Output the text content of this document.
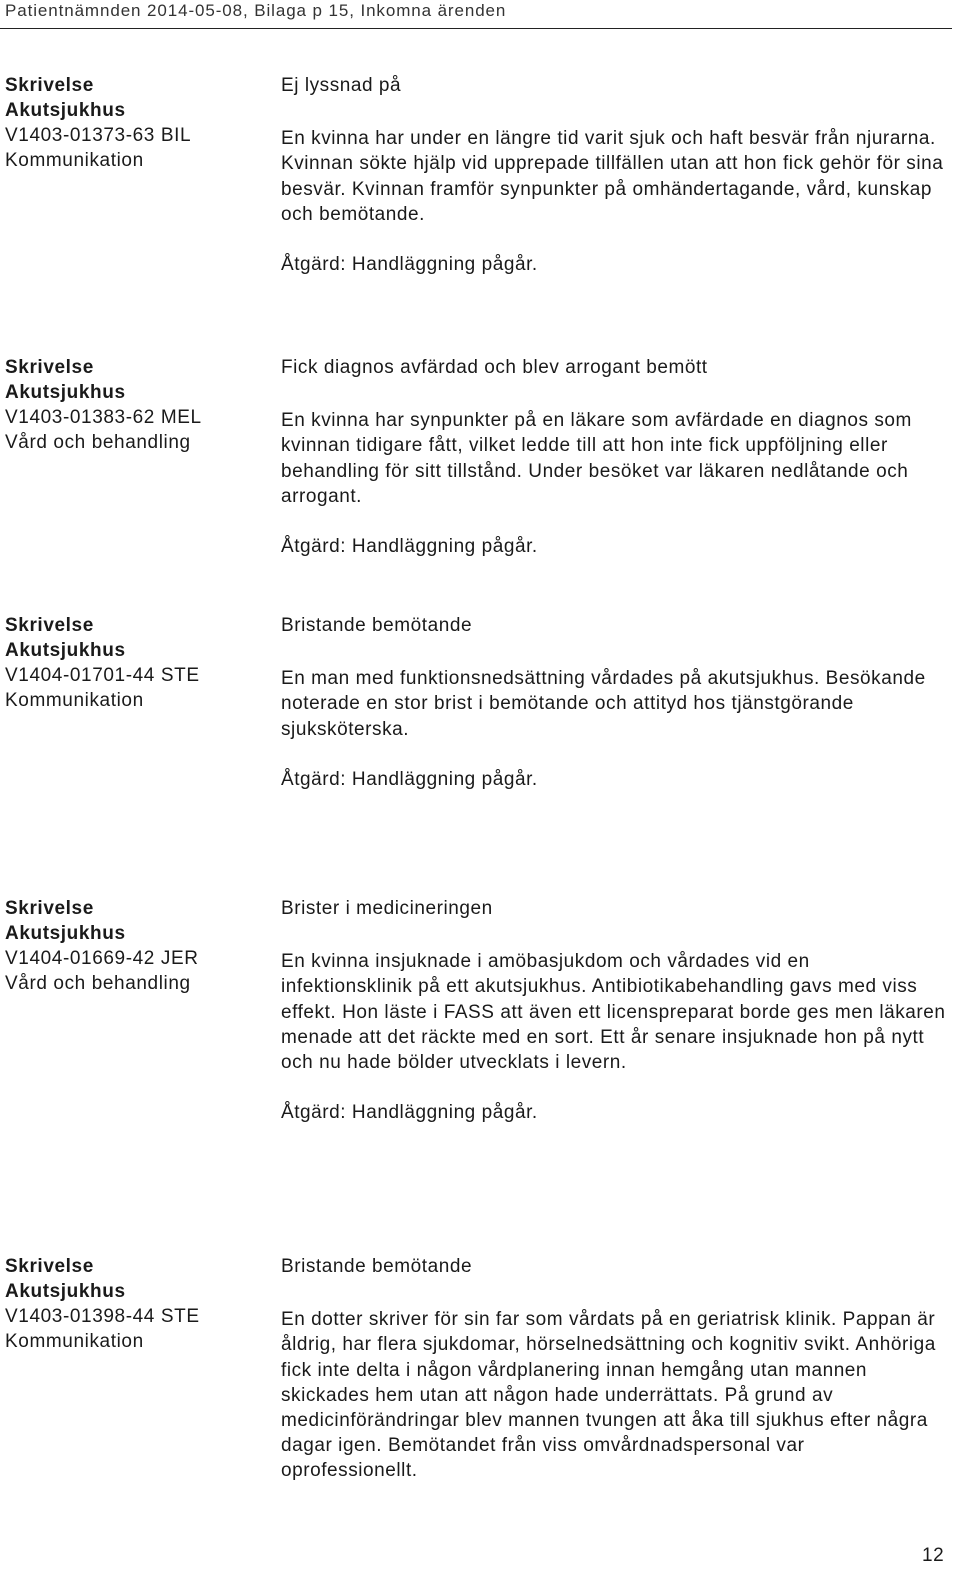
Patientnämnden 2014-05-08, Bilaga p 15, Inkomna ärenden
Skrivelse
Akutsjukhus
V1403-01373-63 BIL
Kommunikation
Ej lyssnad på
En kvinna har under en längre tid varit sjuk och haft besvär från njurarna. Kvinnan sökte hjälp vid upprepade tillfällen utan att hon fick gehör för sina besvär. Kvinnan framför synpunkter på omhändertagande, vård, kunskap och bemötande.
Åtgärd: Handläggning pågår.
Skrivelse
Akutsjukhus
V1403-01383-62 MEL
Vård och behandling
Fick diagnos avfärdad och blev arrogant bemött
En kvinna har synpunkter på en läkare som avfärdade en diagnos som kvinnan tidigare fått, vilket ledde till att hon inte fick uppföljning eller behandling för sitt tillstånd. Under besöket var läkaren nedlåtande och arrogant.
Åtgärd: Handläggning pågår.
Skrivelse
Akutsjukhus
V1404-01701-44 STE
Kommunikation
Bristande bemötande
En man med funktionsnedsättning vårdades på akutsjukhus. Besökande noterade en stor brist i bemötande och attityd hos tjänstgörande sjuksköterska.
Åtgärd: Handläggning pågår.
Skrivelse
Akutsjukhus
V1404-01669-42 JER
Vård och behandling
Brister i medicineringen
En kvinna insjuknade i amöbasjukdom och vårdades vid en infektionsklinik på ett akutsjukhus. Antibiotikabehandling gavs med viss effekt. Hon läste i FASS att även ett licenspreparat borde ges men läkaren menade att det räckte med en sort. Ett år senare insjuknade hon på nytt och nu hade bölder utvecklats i levern.
Åtgärd: Handläggning pågår.
Skrivelse
Akutsjukhus
V1403-01398-44 STE
Kommunikation
Bristande bemötande
En dotter skriver för sin far som vårdats på en geriatrisk klinik. Pappan är åldrig, har flera sjukdomar, hörselnedsättning och kognitiv svikt. Anhöriga fick inte delta i någon vårdplanering innan hemgång utan mannen skickades hem utan att någon hade underrättats. På grund av medicinförändringar blev mannen tvungen att åka till sjukhus efter några dagar igen. Bemötandet från viss omvårdnadspersonal var oprofessionellt.
12
